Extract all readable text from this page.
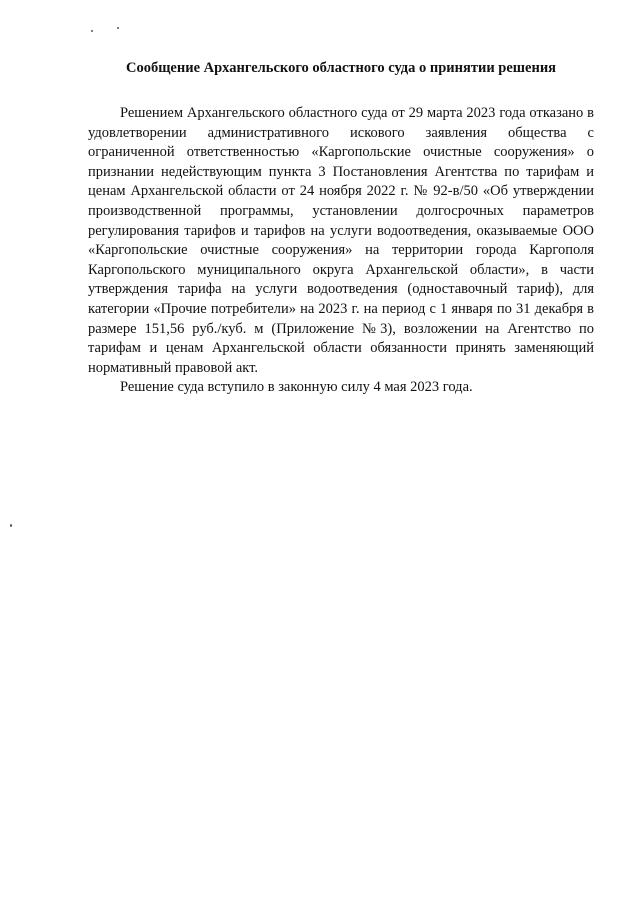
Сообщение Архангельского областного суда о принятии решения

Решением Архангельского областного суда от 29 марта 2023 года отказано в удовлетворении административного искового заявления общества с ограниченной ответственностью «Каргопольские очистные сооружения» о признании недействующим пункта 3 Постановления Агентства по тарифам и ценам Архангельской области от 24 ноября 2022 г. № 92-в/50 «Об утверждении производственной программы, установлении долгосрочных параметров регулирования тарифов и тарифов на услуги водоотведения, оказываемые ООО «Каргопольские очистные сооружения» на территории города Каргополя Каргопольского муниципального округа Архангельской области», в части утверждения тарифа на услуги водоотведения (одноставочный тариф), для категории «Прочие потребители» на 2023 г. на период с 1 января по 31 декабря в размере 151,56 руб./куб. м (Приложение №3), возложении на Агентство по тарифам и ценам Архангельской области обязанности принять заменяющий нормативный правовой акт.

Решение суда вступило в законную силу 4 мая 2023 года.
